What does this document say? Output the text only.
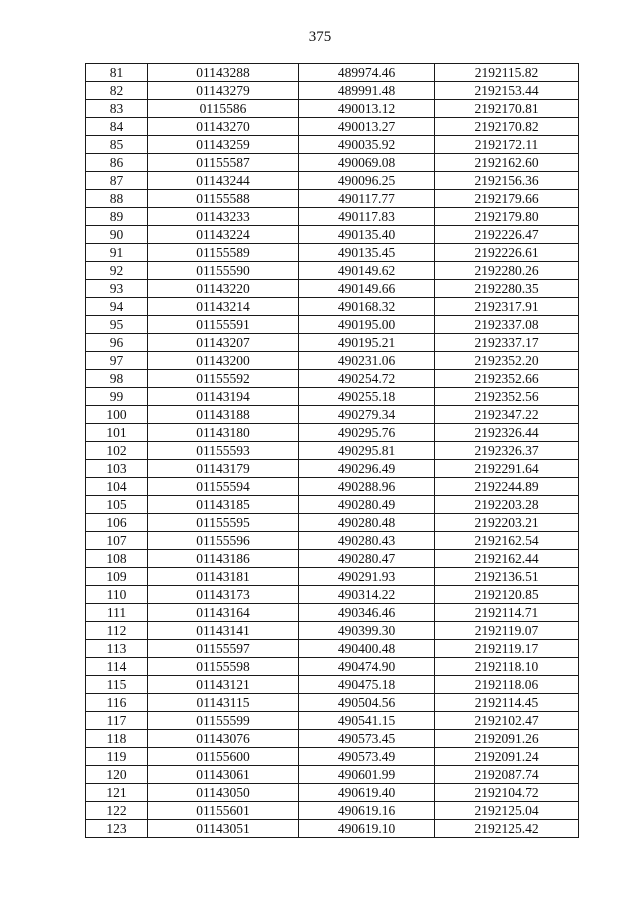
375
81	01143288	489974.46	2192115.82
82	01143279	489991.48	2192153.44
83	0115586	490013.12	2192170.81
84	01143270	490013.27	2192170.82
85	01143259	490035.92	2192172.11
86	01155587	490069.08	2192162.60
87	01143244	490096.25	2192156.36
88	01155588	490117.77	2192179.66
89	01143233	490117.83	2192179.80
90	01143224	490135.40	2192226.47
91	01155589	490135.45	2192226.61
92	01155590	490149.62	2192280.26
93	01143220	490149.66	2192280.35
94	01143214	490168.32	2192317.91
95	01155591	490195.00	2192337.08
96	01143207	490195.21	2192337.17
97	01143200	490231.06	2192352.20
98	01155592	490254.72	2192352.66
99	01143194	490255.18	2192352.56
100	01143188	490279.34	2192347.22
101	01143180	490295.76	2192326.44
102	01155593	490295.81	2192326.37
103	01143179	490296.49	2192291.64
104	01155594	490288.96	2192244.89
105	01143185	490280.49	2192203.28
106	01155595	490280.48	2192203.21
107	01155596	490280.43	2192162.54
108	01143186	490280.47	2192162.44
109	01143181	490291.93	2192136.51
110	01143173	490314.22	2192120.85
111	01143164	490346.46	2192114.71
112	01143141	490399.30	2192119.07
113	01155597	490400.48	2192119.17
114	01155598	490474.90	2192118.10
115	01143121	490475.18	2192118.06
116	01143115	490504.56	2192114.45
117	01155599	490541.15	2192102.47
118	01143076	490573.45	2192091.26
119	01155600	490573.49	2192091.24
120	01143061	490601.99	2192087.74
121	01143050	490619.40	2192104.72
122	01155601	490619.16	2192125.04
123	01143051	490619.10	2192125.42
